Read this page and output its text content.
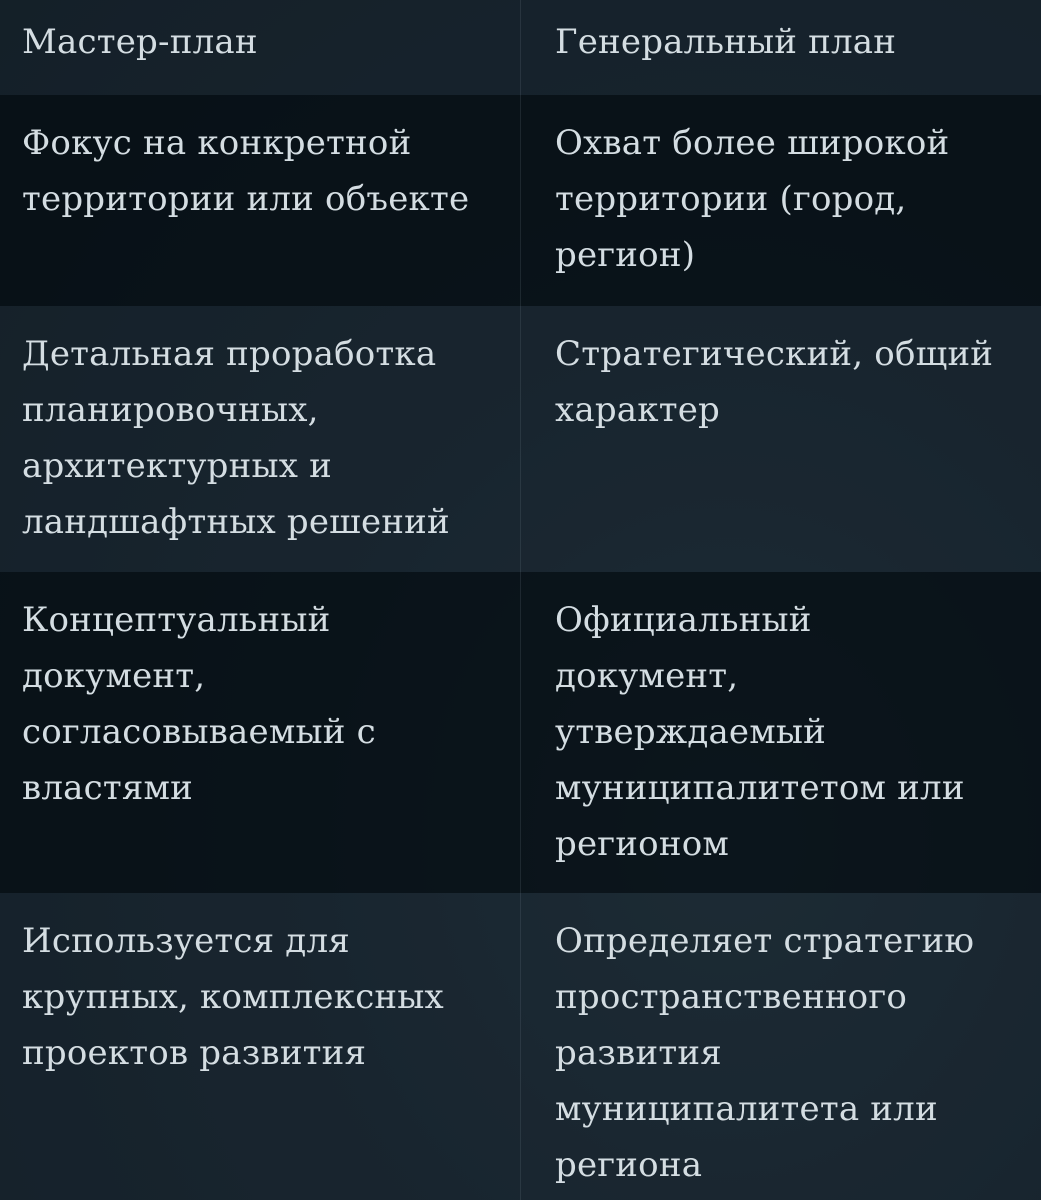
Мастер-план	Генеральный план
Фокус на конкретной
территории или объекте
Охват более широкой
территории (город,
регион)
Детальная проработка
планировочных,
архитектурных и
ландшафтных решений
Стратегический, общий
характер
Концептуальный
документ,
согласовываемый с
властями
Официальный
документ,
утверждаемый
муниципалитетом или
регионом
Используется для
крупных, комплексных
проектов развития
Определяет стратегию
пространственного
развития
муниципалитета или
региона
